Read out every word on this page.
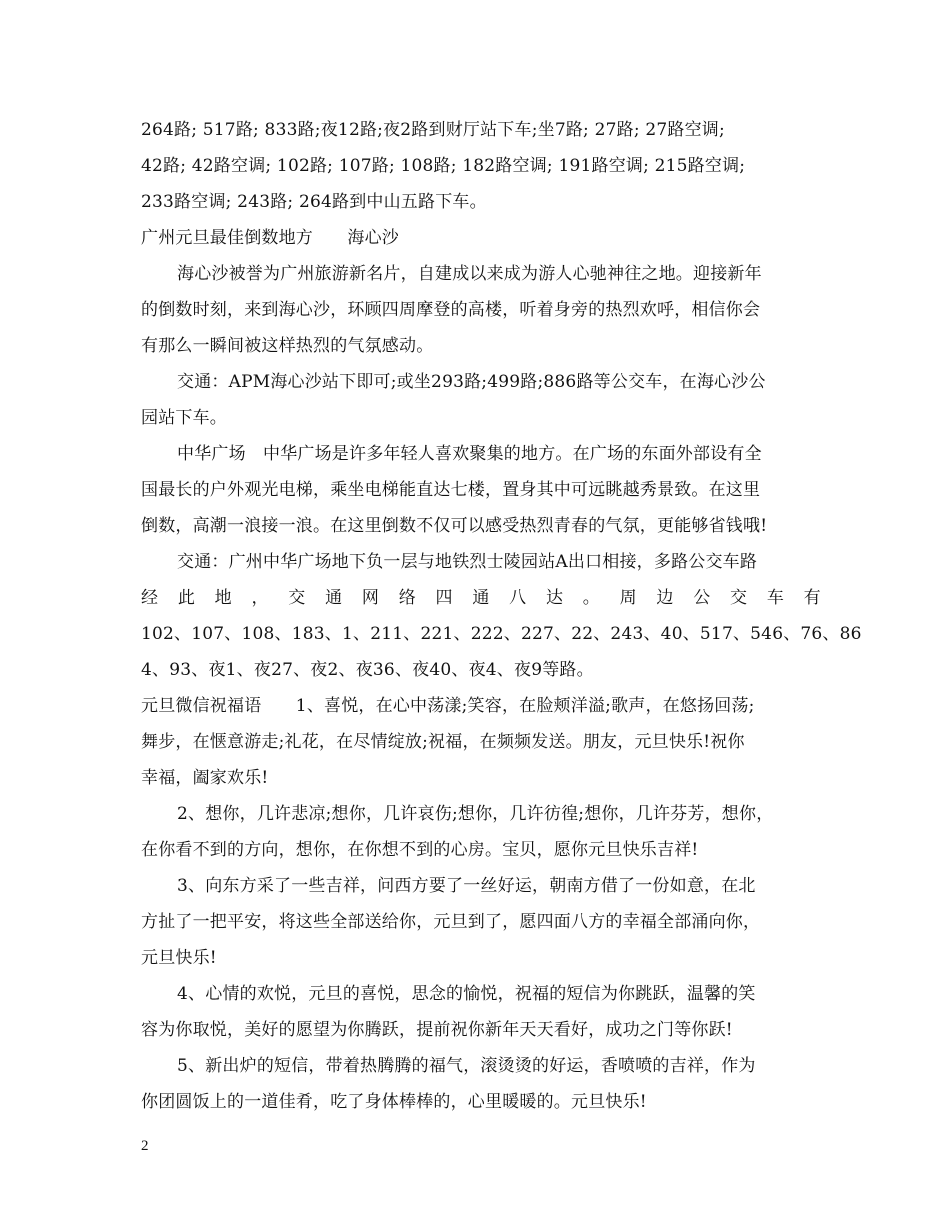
264路; 517路; 833路;夜12路;夜2路到财厅站下车;坐7路; 27路; 27路空调;
42路; 42路空调; 102路; 107路; 108路; 182路空调; 191路空调; 215路空调;
233路空调; 243路; 264路到中山五路下车。
广州元旦最佳倒数地方　　海心沙
海心沙被誉为广州旅游新名片，自建成以来成为游人心驰神往之地。迎接新年
的倒数时刻，来到海心沙，环顾四周摩登的高楼，听着身旁的热烈欢呼，相信你会
有那么一瞬间被这样热烈的气氛感动。
交通：APM海心沙站下即可;或坐293路;499路;886路等公交车，在海心沙公
园站下车。
中华广场　中华广场是许多年轻人喜欢聚集的地方。在广场的东面外部设有全
国最长的户外观光电梯，乘坐电梯能直达七楼，置身其中可远眺越秀景致。在这里
倒数，高潮一浪接一浪。在这里倒数不仅可以感受热烈青春的气氛，更能够省钱哦!
交通：广州中华广场地下负一层与地铁烈士陵园站A出口相接，多路公交车路
经 此 地 ， 交 通 网 络 四 通 八 达 。 周 边 公 交 车 有
102、107、108、183、1、211、221、222、227、22、243、40、517、546、76、86
4、93、夜1、夜27、夜2、夜36、夜40、夜4、夜9等路。
元旦微信祝福语　　1、喜悦，在心中荡漾;笑容，在脸颊洋溢;歌声，在悠扬回荡;
舞步，在惬意游走;礼花，在尽情绽放;祝福，在频频发送。朋友，元旦快乐!祝你
幸福，阖家欢乐!
2、想你，几许悲凉;想你，几许哀伤;想你，几许彷徨;想你，几许芬芳，想你，
在你看不到的方向，想你，在你想不到的心房。宝贝，愿你元旦快乐吉祥!
3、向东方采了一些吉祥，问西方要了一丝好运，朝南方借了一份如意，在北
方扯了一把平安，将这些全部送给你，元旦到了，愿四面八方的幸福全部涌向你，
元旦快乐!
4、心情的欢悦，元旦的喜悦，思念的愉悦，祝福的短信为你跳跃，温馨的笑
容为你取悦，美好的愿望为你腾跃，提前祝你新年天天看好，成功之门等你跃!
5、新出炉的短信，带着热腾腾的福气，滚烫烫的好运，香喷喷的吉祥，作为
你团圆饭上的一道佳肴，吃了身体棒棒的，心里暖暖的。元旦快乐!
2
